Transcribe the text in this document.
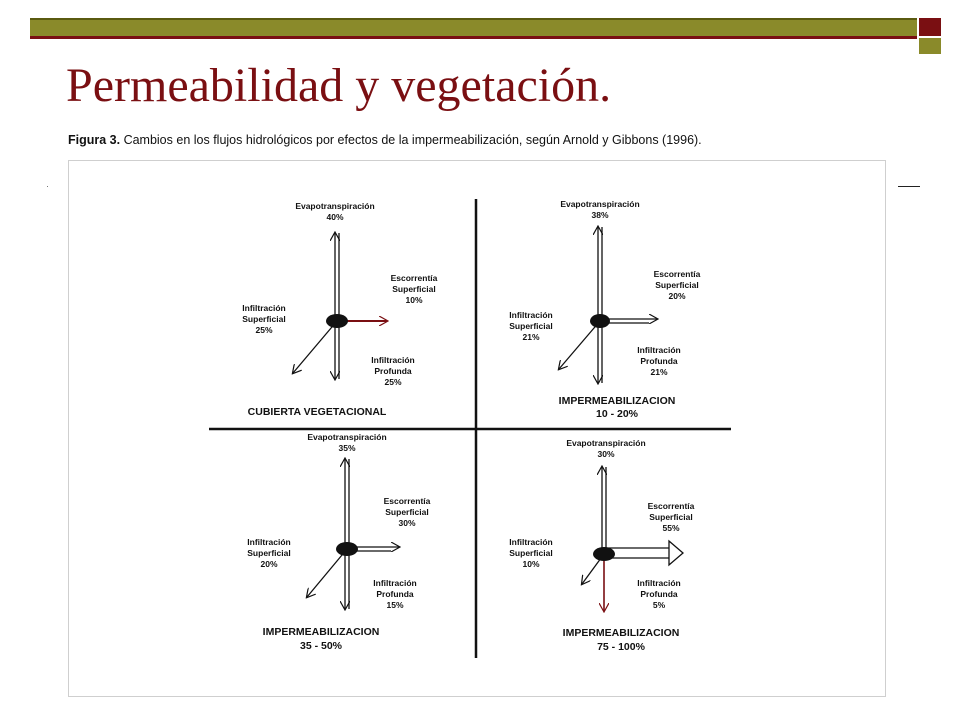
Permeabilidad y vegetación.
Figura 3. Cambios en los flujos hidrológicos por efectos de la impermeabilización, según Arnold y Gibbons (1996).
Evapotranspiración
40%
Escorrentía
Superficial
10%
Infiltración
Superficial
25%
Infiltración
Profunda
25%
CUBIERTA VEGETACIONAL
Evapotranspiración
38%
Escorrentía
Superficial
20%
Infiltración
Superficial
21%
Infiltración
Profunda
21%
IMPERMEABILIZACION
10 - 20%
Evapotranspiración
35%
Escorrentía
Superficial
30%
Infiltración
Superficial
20%
Infiltración
Profunda
15%
IMPERMEABILIZACION
35 - 50%
Evapotranspiración
30%
Escorrentía
Superficial
55%
Infiltración
Superficial
10%
Infiltración
Profunda
5%
IMPERMEABILIZACION
75 - 100%
